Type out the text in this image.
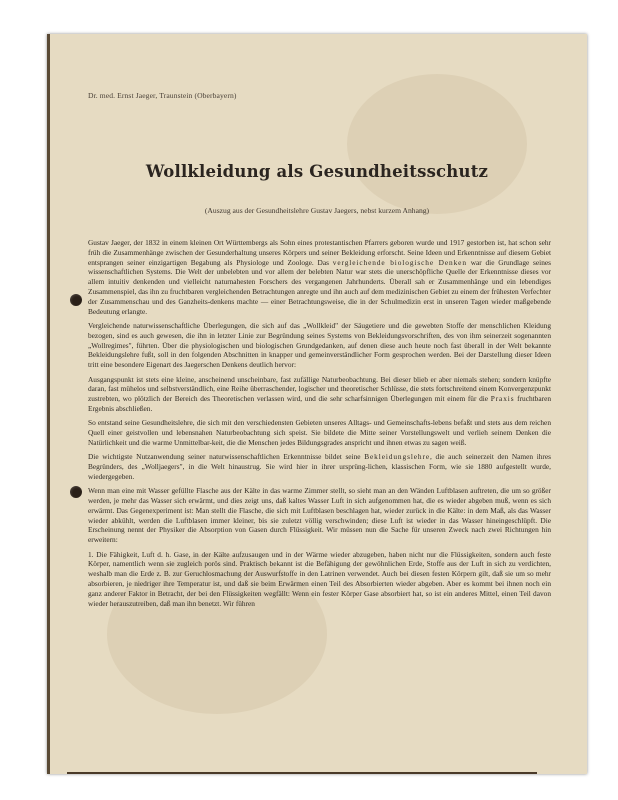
Dr. med. Ernst Jaeger, Traunstein (Oberbayern)
Wollkleidung als Gesundheitsschutz
(Auszug aus der Gesundheitslehre Gustav Jaegers, nebst kurzem Anhang)

Gustav Jaeger, der 1832 in einem kleinen Ort Württembergs als Sohn eines protestantischen Pfarrers geboren wurde und 1917 gestorben ist, hat schon sehr früh die Zusammenhänge zwischen der Gesunderhaltung unseres Körpers und seiner Bekleidung erforscht. Seine Ideen und Erkenntnisse auf diesem Gebiet entsprangen seiner einzigartigen Begabung als Physiologe und Zoologe. Das vergleichende biologische Denken war die Grundlage seines wissenschaftlichen Systems. Die Welt der unbelebten und vor allem der belebten Natur war stets die unerschöpfliche Quelle der Erkenntnisse dieses vor allem intuitiv denkenden und vielleicht naturnahesten Forschers des vergangenen Jahrhunderts. Überall sah er Zusammenhänge und ein lebendiges Zusammenspiel, das ihn zu fruchtbaren vergleichenden Betrachtungen anregte und ihn auch auf dem medizinischen Gebiet zu einem der frühesten Verfechter der Zusammenschau und des Ganzheits-denkens machte — einer Betrachtungsweise, die in der Schulmedizin erst in unseren Tagen wieder maßgebende Bedeutung erlangte.

Vergleichende naturwissenschaftliche Überlegungen, die sich auf das „Wollkleid" der Säugetiere und die gewebten Stoffe der menschlichen Kleidung bezogen, sind es auch gewesen, die ihn in letzter Linie zur Begründung seines Systems von Bekleidungsvorschriften, des von ihm seinerzeit sogenannten „Wollregimes", führten. Über die physiologischen und biologischen Grundgedanken, auf denen diese auch heute noch fast überall in der Welt bekannte Bekleidungslehre fußt, soll in den folgenden Abschnitten in knapper und gemeinverständlicher Form gesprochen werden. Bei der Darstellung dieser Ideen tritt eine besondere Eigenart des Jaegerschen Denkens deutlich hervor:

Ausgangspunkt ist stets eine kleine, anscheinend unscheinbare, fast zufällige Naturbeobachtung. Bei dieser blieb er aber niemals stehen; sondern knüpfte daran, fast mühelos und selbstverständlich, eine Reihe überraschender, logischer und theoretischer Schlüsse, die stets fortschreitend einem Konvergenzpunkt zustrebten, wo plötzlich der Bereich des Theoretischen verlassen wird, und die sehr scharfsinnigen Überlegungen mit einem für die Praxis fruchtbaren Ergebnis abschließen.

So entstand seine Gesundheitslehre, die sich mit den verschiedensten Gebieten unseres Alltags- und Gemeinschafts-lebens befaßt und stets aus dem reichen Quell einer geistvollen und lebensnahen Naturbeobachtung sich speist. Sie bildete die Mitte seiner Vorstellungswelt und verlieh seinem Denken die Natürlichkeit und die warme Unmittelbar-keit, die die Menschen jedes Bildungsgrades anspricht und ihnen etwas zu sagen weiß.

Die wichtigste Nutzanwendung seiner naturwissenschaftlichen Erkenntnisse bildet seine Bekleidungslehre, die auch seinerzeit den Namen ihres Begründers, des „Wolljaegers", in die Welt hinaustrug. Sie wird hier in ihrer ursprüng-lichen, klassischen Form, wie sie 1880 aufgestellt wurde, wiedergegeben.

Wenn man eine mit Wasser gefüllte Flasche aus der Kälte in das warme Zimmer stellt, so sieht man an den Wänden Luftblasen auftreten, die um so größer werden, je mehr das Wasser sich erwärmt, und dies zeigt uns, daß kaltes Wasser Luft in sich aufgenommen hat, die es wieder abgeben muß, wenn es sich erwärmt. Das Gegenexperiment ist: Man stellt die Flasche, die sich mit Luftblasen beschlagen hat, wieder zurück in die Kälte: in dem Maß, als das Wasser wieder abkühlt, werden die Luftblasen immer kleiner, bis sie zuletzt völlig verschwinden; diese Luft ist wieder in das Wasser hineingeschlüpft. Die Erscheinung nennt der Physiker die Absorption von Gasen durch Flüssigkeit. Wir müssen nun die Sache für unseren Zweck nach zwei Richtungen hin erweitern:

1. Die Fähigkeit, Luft d. h. Gase, in der Kälte aufzusaugen und in der Wärme wieder abzugeben, haben nicht nur die Flüssigkeiten, sondern auch feste Körper, namentlich wenn sie zugleich porös sind. Praktisch bekannt ist die Befähigung der gewöhnlichen Erde, Stoffe aus der Luft in sich zu verdichten, weshalb man die Erde z. B. zur Geruchlosmachung der Auswurfstoffe in den Latrinen verwendet. Auch bei diesen festen Körpern gilt, daß sie um so mehr absorbieren, je niedriger ihre Temperatur ist, und daß sie beim Erwärmen einen Teil des Absorbierten wieder abgeben. Aber es kommt bei ihnen noch ein ganz anderer Faktor in Betracht, der bei den Flüssigkeiten wegfällt: Wenn ein fester Körper Gase absorbiert hat, so ist ein anderes Mittel, einen Teil davon wieder herauszutreiben, daß man ihn benetzt. Wir führen
